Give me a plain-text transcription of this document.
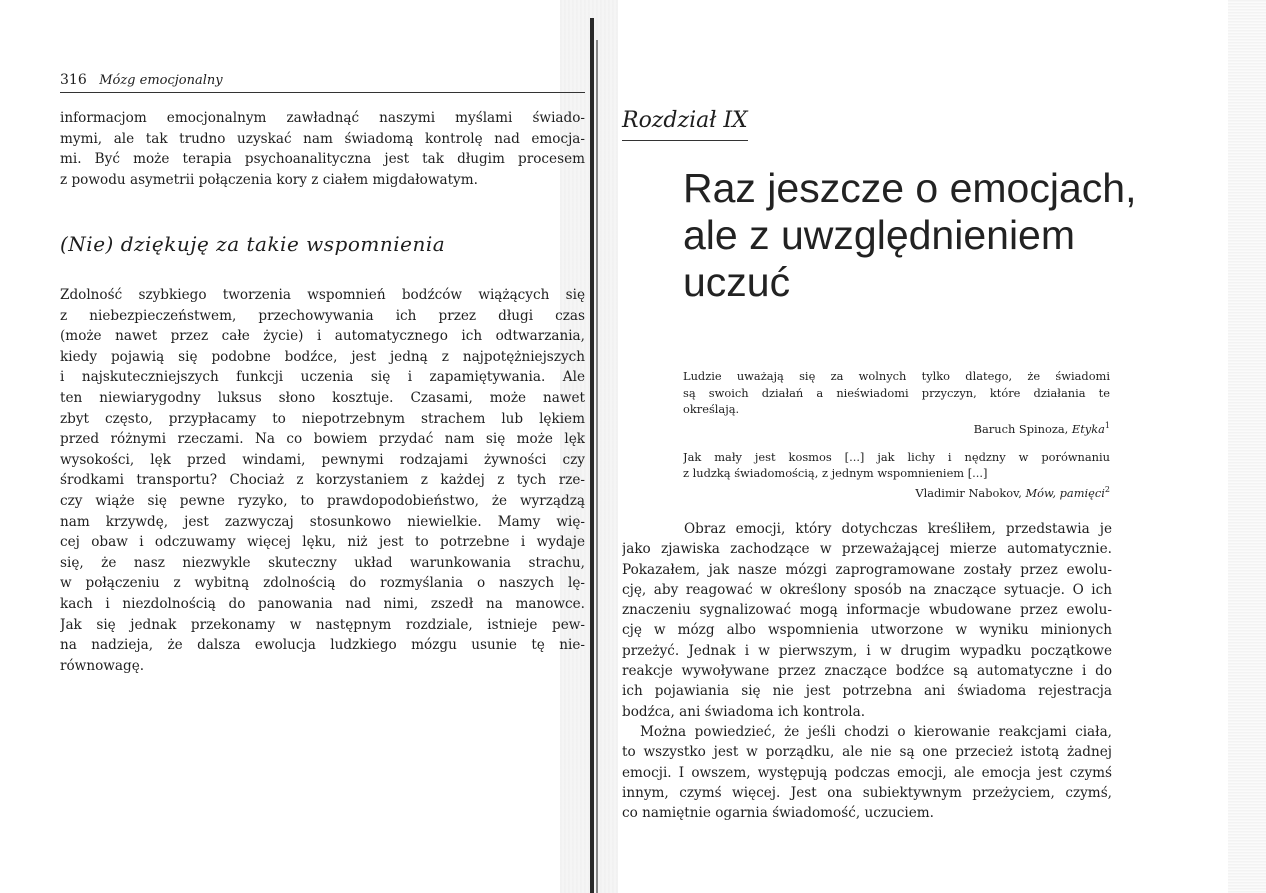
316 Mózg emocjonalny
informacjom emocjonalnym zawładnąć naszymi myślami świado-
mymi, ale tak trudno uzyskać nam świadomą kontrolę nad emocja-
mi. Być może terapia psychoanalityczna jest tak długim procesem
z powodu asymetrii połączenia kory z ciałem migdałowatym.
(Nie) dziękuję za takie wspomnienia
Zdolność szybkiego tworzenia wspomnień bodźców wiążących się
z niebezpieczeństwem, przechowywania ich przez długi czas
(może nawet przez całe życie) i automatycznego ich odtwarzania,
kiedy pojawią się podobne bodźce, jest jedną z najpotężniejszych
i najskuteczniejszych funkcji uczenia się i zapamiętywania. Ale
ten niewiarygodny luksus słono kosztuje. Czasami, może nawet
zbyt często, przypłacamy to niepotrzebnym strachem lub lękiem
przed różnymi rzeczami. Na co bowiem przydać nam się może lęk
wysokości, lęk przed windami, pewnymi rodzajami żywności czy
środkami transportu? Chociaż z korzystaniem z każdej z tych rze-
czy wiąże się pewne ryzyko, to prawdopodobieństwo, że wyrządzą
nam krzywdę, jest zazwyczaj stosunkowo niewielkie. Mamy wię-
cej obaw i odczuwamy więcej lęku, niż jest to potrzebne i wydaje
się, że nasz niezwykle skuteczny układ warunkowania strachu,
w połączeniu z wybitną zdolnością do rozmyślania o naszych lę-
kach i niezdolnością do panowania nad nimi, zszedł na manowce.
Jak się jednak przekonamy w następnym rozdziale, istnieje pew-
na nadzieja, że dalsza ewolucja ludzkiego mózgu usunie tę nie-
równowagę.
Rozdział IX
Raz jeszcze o emocjach,
ale z uwzględnieniem
uczuć
Ludzie uważają się za wolnych tylko dlatego, że świadomi
są swoich działań a nieświadomi przyczyn, które działania te
określają.
Baruch Spinoza, Etyka$^1$
Jak mały jest kosmos [...] jak lichy i nędzny w porównaniu
z ludzką świadomością, z jednym wspomnieniem [...]
Vladimir Nabokov, Mów, pamięci$^2$
Obraz emocji, który dotychczas kreśliłem, przedstawia je
jako zjawiska zachodzące w przeważającej mierze automatycznie.
Pokazałem, jak nasze mózgi zaprogramowane zostały przez ewolu-
cję, aby reagować w określony sposób na znaczące sytuacje. O ich
znaczeniu sygnalizować mogą informacje wbudowane przez ewolu-
cję w mózg albo wspomnienia utworzone w wyniku minionych
przeżyć. Jednak i w pierwszym, i w drugim wypadku początkowe
reakcje wywoływane przez znaczące bodźce są automatyczne i do
ich pojawiania się nie jest potrzebna ani świadoma rejestracja
bodźca, ani świadoma ich kontrola.
Można powiedzieć, że jeśli chodzi o kierowanie reakcjami ciała,
to wszystko jest w porządku, ale nie są one przecież istotą żadnej
emocji. I owszem, występują podczas emocji, ale emocja jest czymś
innym, czymś więcej. Jest ona subiektywnym przeżyciem, czymś,
co namiętnie ogarnia świadomość, uczuciem.
